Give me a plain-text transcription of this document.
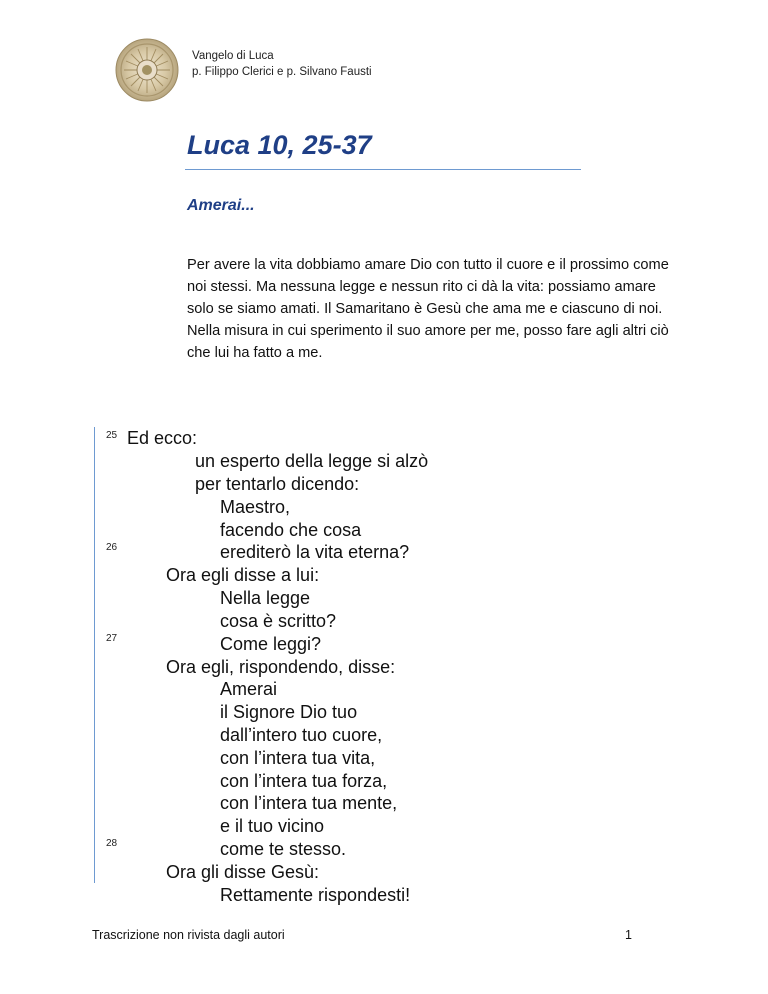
Vangelo di Luca
p. Filippo Clerici e p. Silvano Fausti
Luca 10, 25-37
Amerai...

Per avere la vita dobbiamo amare Dio con tutto il cuore e il prossimo come noi stessi. Ma nessuna legge e nessun rito ci dà la vita: possiamo amare solo se siamo amati. Il Samaritano è Gesù che ama me e ciascuno di noi. Nella misura in cui sperimento il suo amore per me, posso fare agli altri ciò che lui ha fatto a me.

25
26
27
28
Ed ecco:
un esperto della legge si alzò
per tentarlo dicendo:
Maestro,
facendo che cosa
erediterò la vita eterna?
Ora egli disse a lui:
Nella legge
cosa è scritto?
Come leggi?
Ora egli, rispondendo, disse:
Amerai
il Signore Dio tuo
dall’intero tuo cuore,
con l’intera tua vita,
con l’intera tua forza,
con l’intera tua mente,
e il tuo vicino
come te stesso.
Ora gli disse Gesù:
Rettamente rispondesti!
Trascrizione non rivista dagli autori	1
